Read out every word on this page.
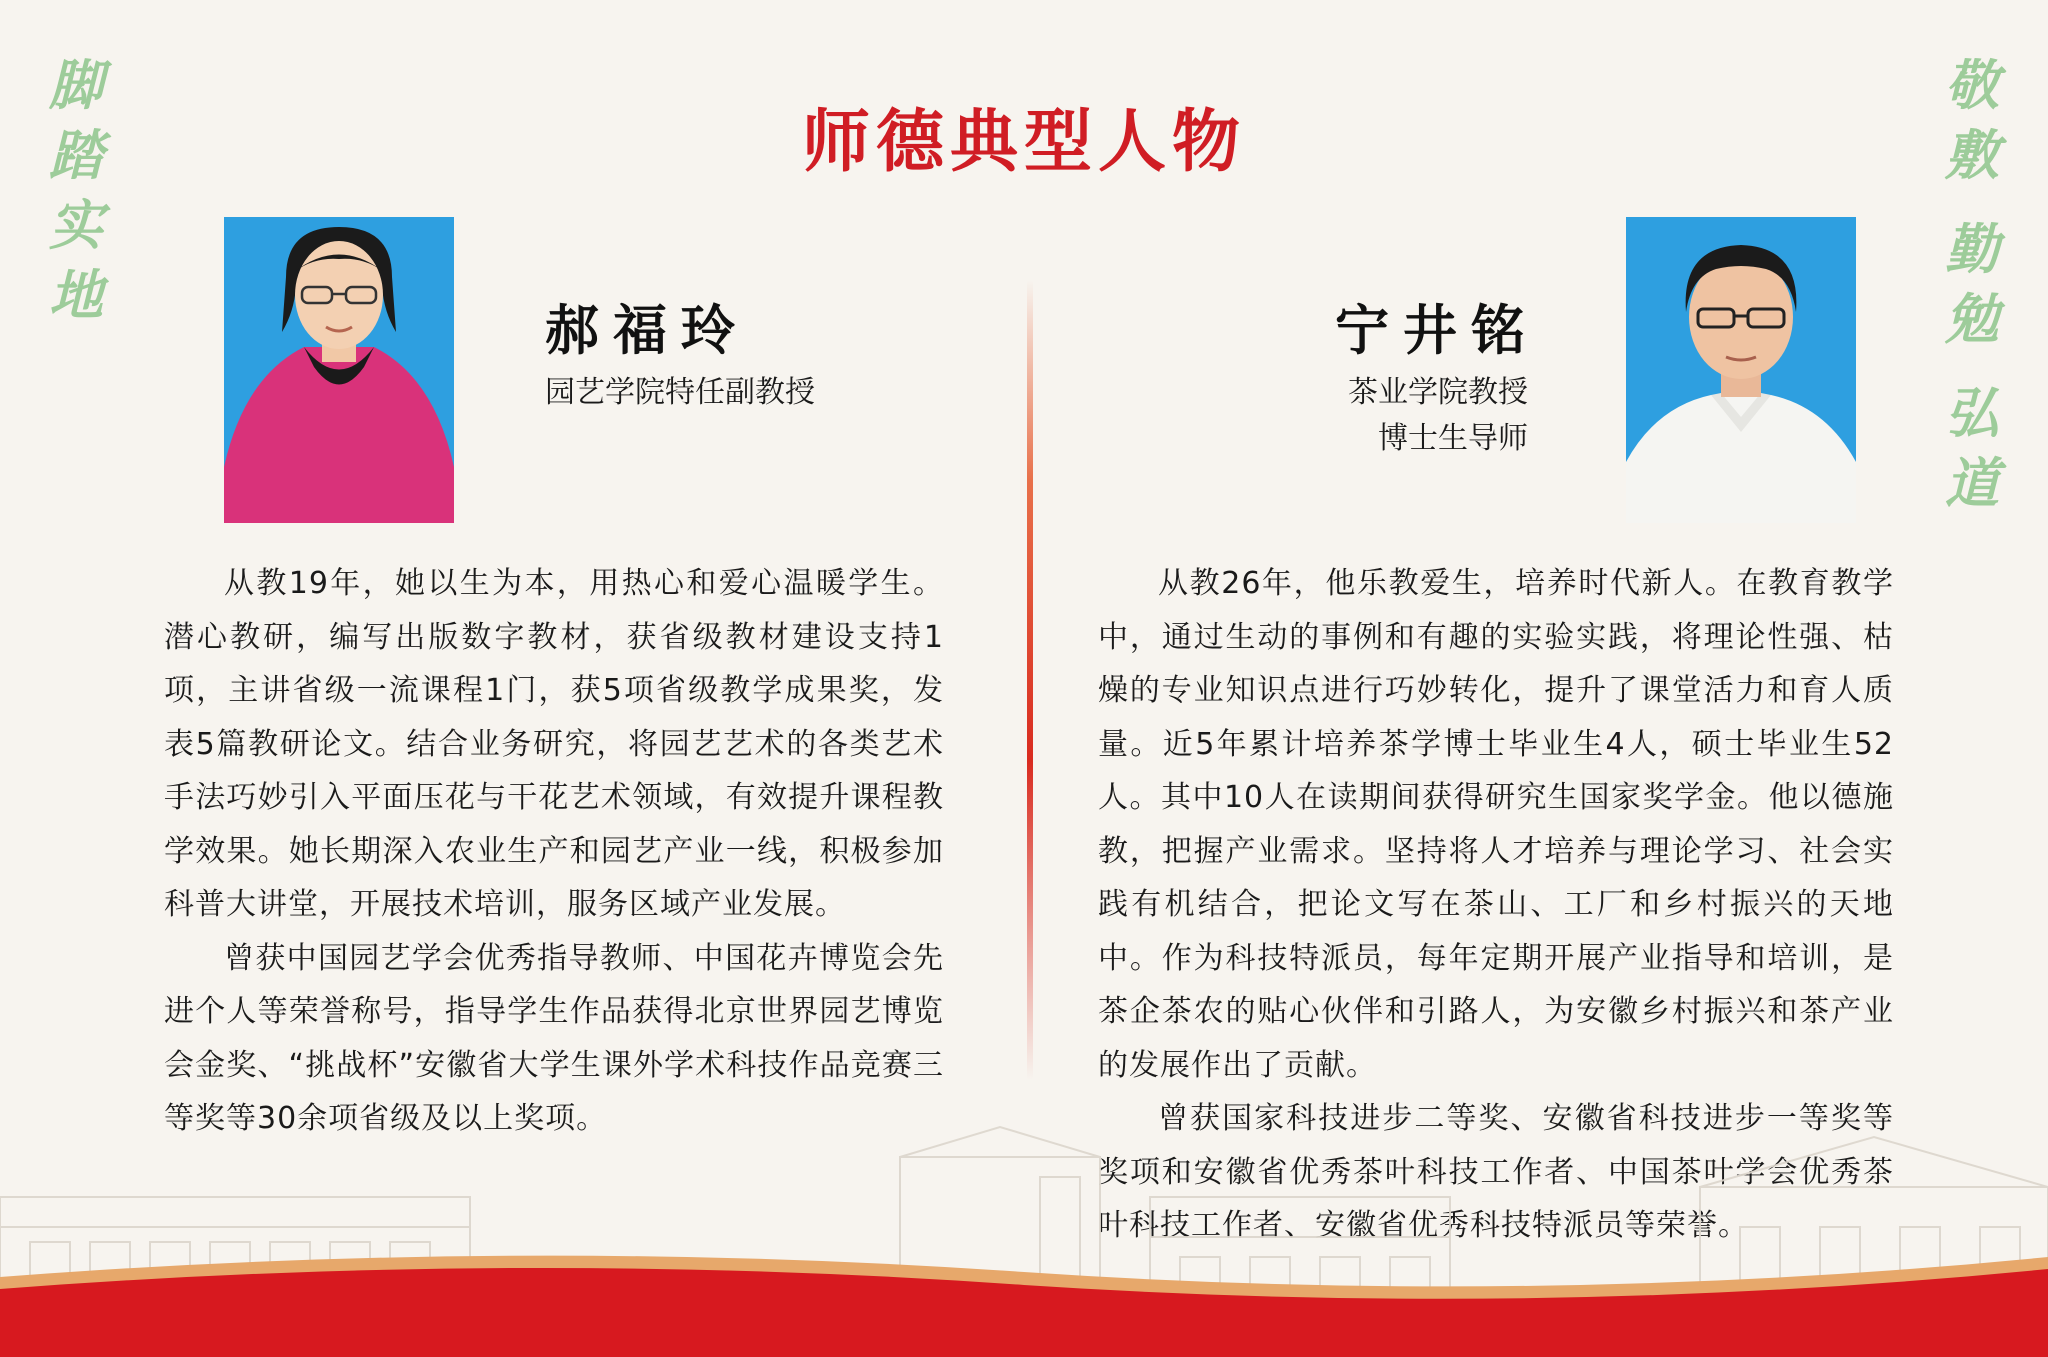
脚
踏
实
地
敬
敷
勤
勉
弘
道
师德典型人物
郝福玲
园艺学院特任副教授
宁井铭
茶业学院教授
博士生导师

从教19年，她以生为本，用热心和爱心温暖学生。潜心教研，编写出版数字教材，获省级教材建设支持1项，主讲省级一流课程1门，获5项省级教学成果奖，发表5篇教研论文。结合业务研究，将园艺艺术的各类艺术手法巧妙引入平面压花与干花艺术领域，有效提升课程教学效果。她长期深入农业生产和园艺产业一线，积极参加科普大讲堂，开展技术培训，服务区域产业发展。

曾获中国园艺学会优秀指导教师、中国花卉博览会先进个人等荣誉称号，指导学生作品获得北京世界园艺博览会金奖、“挑战杯”安徽省大学生课外学术科技作品竞赛三等奖等30余项省级及以上奖项。

从教26年，他乐教爱生，培养时代新人。在教育教学中，通过生动的事例和有趣的实验实践，将理论性强、枯燥的专业知识点进行巧妙转化，提升了课堂活力和育人质量。近5年累计培养茶学博士毕业生4人，硕士毕业生52人。其中10人在读期间获得研究生国家奖学金。他以德施教，把握产业需求。坚持将人才培养与理论学习、社会实践有机结合，把论文写在茶山、工厂和乡村振兴的天地中。作为科技特派员，每年定期开展产业指导和培训，是茶企茶农的贴心伙伴和引路人，为安徽乡村振兴和茶产业的发展作出了贡献。

曾获国家科技进步二等奖、安徽省科技进步一等奖等奖项和安徽省优秀茶叶科技工作者、中国茶叶学会优秀茶叶科技工作者、安徽省优秀科技特派员等荣誉。
